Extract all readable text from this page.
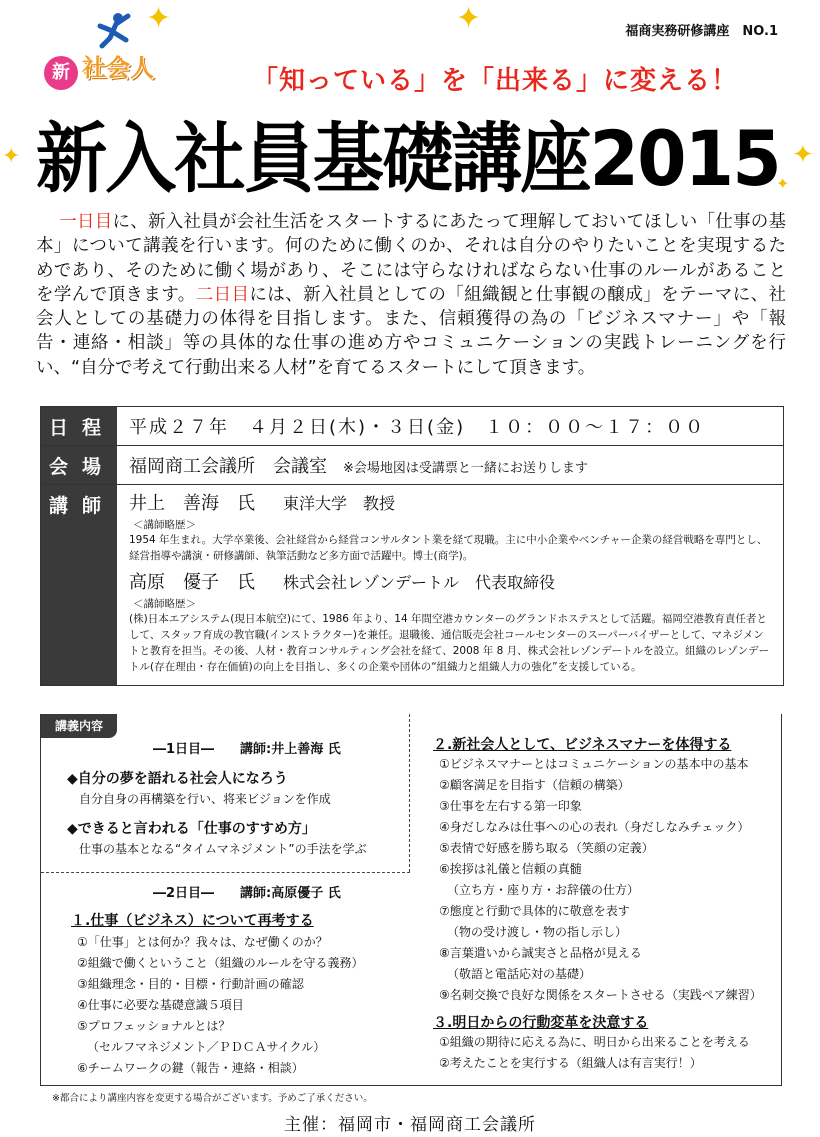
福商実務研修講座　NO.1
✦	✦
✦
✦
✦
新 社会人	「知っている」を「出来る」に変える！
新入社員基礎講座2015
一日目に、新入社員が会社生活をスタートするにあたって理解しておいてほしい「仕事の基本」について講義を行います。何のために働くのか、それは自分のやりたいことを実現するためであり、そのために働く場があり、そこには守らなければならない仕事のルールがあることを学んで頂きます。二日目には、新入社員としての「組織観と仕事観の醸成」をテーマに、社会人としての基礎力の体得を目指します。また、信頼獲得の為の「ビジネスマナー」や「報告・連絡・相談」等の具体的な仕事の進め方やコミュニケーションの実践トレーニングを行い、“自分で考えて行動出来る人材”を育てるスタートにして頂きます。
日程 平成２７年　４月２日(木)・３日(金)　１０：００～１７：００
会場 福岡商工会議所　会議室 ※会場地図は受講票と一緒にお送りします
講師 井上　善海　氏 東洋大学　教授
＜講師略歴＞
1954 年生まれ。大学卒業後、会社経営から経営コンサルタント業を経て現職。主に中小企業やベンチャー企業の経営戦略を専門とし、経営指導や講演・研修講師、執筆活動など多方面で活躍中。博士(商学)。
高原　優子　氏 株式会社レゾンデートル　代表取締役
＜講師略歴＞
(株)日本エアシステム(現日本航空)にて、1986 年より、14 年間空港カウンターのグランドホステスとして活躍。福岡空港教育責任者として、スタッフ育成の教官職(インストラクター)を兼任。退職後、通信販売会社コールセンターのスーパーバイザーとして、マネジメントと教育を担当。その後、人材・教育コンサルティング会社を経て、2008 年 8 月、株式会社レゾンデートルを設立。組織のレゾンデートル(存在理由・存在価値)の向上を目指し、多くの企業や団体の“組織力と組織人力の強化”を支援している。
講義内容
―1日目―　　講師:井上善海 氏
◆自分の夢を語れる社会人になろう
自分自身の再構築を行い、将来ビジョンを作成
◆できると言われる「仕事のすすめ方」
仕事の基本となる“タイムマネジメント”の手法を学ぶ
―2日目―　　講師:高原優子 氏
１.仕事（ビジネス）について再考する
①「仕事」とは何か？我々は、なぜ働くのか？
②組織で働くということ（組織のルールを守る義務）
③組織理念・目的・目標・行動計画の確認
④仕事に必要な基礎意識５項目
⑤プロフェッショナルとは？
（セルフマネジメント／ＰＤＣＡサイクル）
⑥チームワークの鍵（報告・連絡・相談）
２.新社会人として、ビジネスマナーを体得する
①ビジネスマナーとはコミュニケーションの基本中の基本
②顧客満足を目指す（信頼の構築）
③仕事を左右する第一印象
④身だしなみは仕事への心の表れ（身だしなみチェック）
⑤表情で好感を勝ち取る（笑顔の定義）
⑥挨拶は礼儀と信頼の真髄
（立ち方・座り方・お辞儀の仕方）
⑦態度と行動で具体的に敬意を表す
（物の受け渡し・物の指し示し）
⑧言葉遣いから誠実さと品格が見える
（敬語と電話応対の基礎）
⑨名刺交換で良好な関係をスタートさせる（実践ペア練習）
３.明日からの行動変革を決意する
①組織の期待に応える為に、明日から出来ることを考える
②考えたことを実行する（組織人は有言実行！）
※都合により講座内容を変更する場合がございます。予めご了承ください。
主催：福岡市・福岡商工会議所
